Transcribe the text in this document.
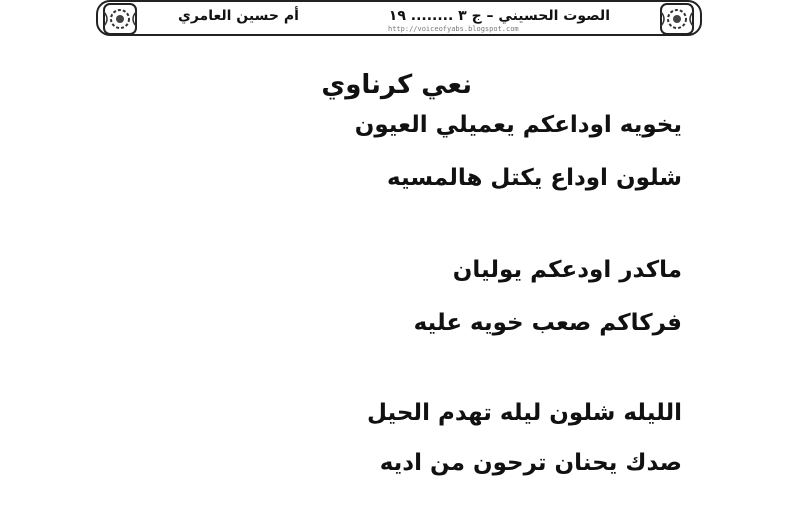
الصوت الحسيني – ج ٣ ........ ١٩
أم حسين العامري
http://voiceofyabs.blogspot.com
نعي كرناوي
يخويه اوداعكم يعميلي العيون
شلون اوداع يكتل هالمسيه
ماكدر اودعكم يوليان
فركاكم صعب خويه عليه
الليله شلون ليله تهدم الحيل
صدك يحنان ترحون من اديه
